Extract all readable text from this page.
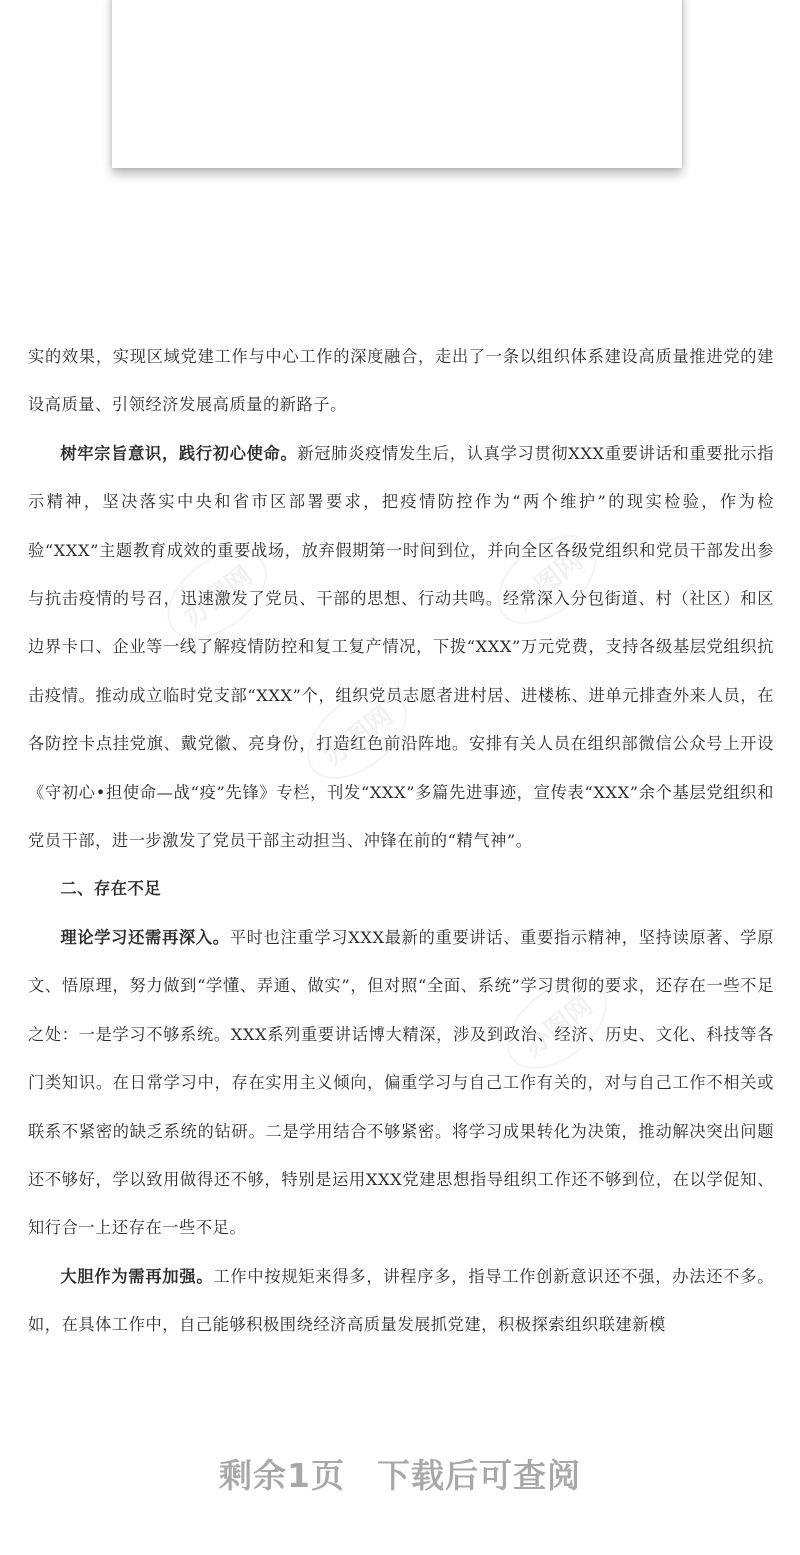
办图网	办图网
办图网
办图网

实的效果，实现区域党建工作与中心工作的深度融合，走出了一条以组织体系建设高质量推进党的建设高质量、引领经济发展高质量的新路子。

树牢宗旨意识，践行初心使命。新冠肺炎疫情发生后，认真学习贯彻XXX重要讲话和重要批示指示精神，坚决落实中央和省市区部署要求，把疫情防控作为“两个维护”的现实检验，作为检验“XXX”主题教育成效的重要战场，放弃假期第一时间到位，并向全区各级党组织和党员干部发出参与抗击疫情的号召，迅速激发了党员、干部的思想、行动共鸣。经常深入分包街道、村（社区）和区边界卡口、企业等一线了解疫情防控和复工复产情况，下拨“XXX”万元党费，支持各级基层党组织抗击疫情。推动成立临时党支部“XXX”个，组织党员志愿者进村居、进楼栋、进单元排查外来人员，在各防控卡点挂党旗、戴党徽、亮身份，打造红色前沿阵地。安排有关人员在组织部微信公众号上开设《守初心•担使命—战“疫”先锋》专栏，刊发“XXX”多篇先进事迹，宣传表“XXX”余个基层党组织和党员干部，进一步激发了党员干部主动担当、冲锋在前的“精气神”。

二、存在不足

理论学习还需再深入。平时也注重学习XXX最新的重要讲话、重要指示精神，坚持读原著、学原文、悟原理，努力做到“学懂、弄通、做实”，但对照“全面、系统”学习贯彻的要求，还存在一些不足之处：一是学习不够系统。XXX系列重要讲话博大精深，涉及到政治、经济、历史、文化、科技等各门类知识。在日常学习中，存在实用主义倾向，偏重学习与自己工作有关的，对与自己工作不相关或联系不紧密的缺乏系统的钻研。二是学用结合不够紧密。将学习成果转化为决策，推动解决突出问题还不够好，学以致用做得还不够，特别是运用XXX党建思想指导组织工作还不够到位，在以学促知、知行合一上还存在一些不足。

大胆作为需再加强。工作中按规矩来得多，讲程序多，指导工作创新意识还不强，办法还不多。如，在具体工作中，自己能够积极围绕经济高质量发展抓党建，积极探索组织联建新模

剩余1页 下载后可查阅
